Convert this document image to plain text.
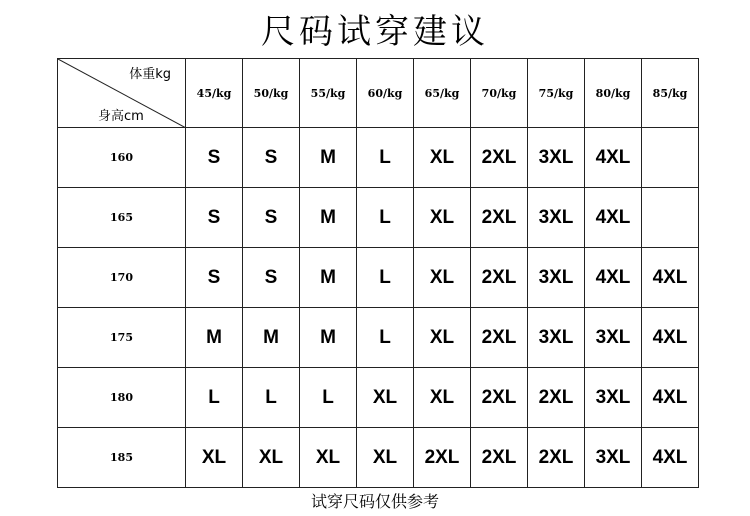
尺码试穿建议
体重kg
身高cm	45/kg	50/kg	55/kg	60/kg	65/kg	70/kg	75/kg	80/kg	85/kg
160	S	S	M	L	XL	2XL	3XL	4XL	
165	S	S	M	L	XL	2XL	3XL	4XL	
170	S	S	M	L	XL	2XL	3XL	4XL	4XL
175	M	M	M	L	XL	2XL	3XL	3XL	4XL
180	L	L	L	XL	XL	2XL	2XL	3XL	4XL
185	XL	XL	XL	XL	2XL	2XL	2XL	3XL	4XL
试穿尺码仅供参考
